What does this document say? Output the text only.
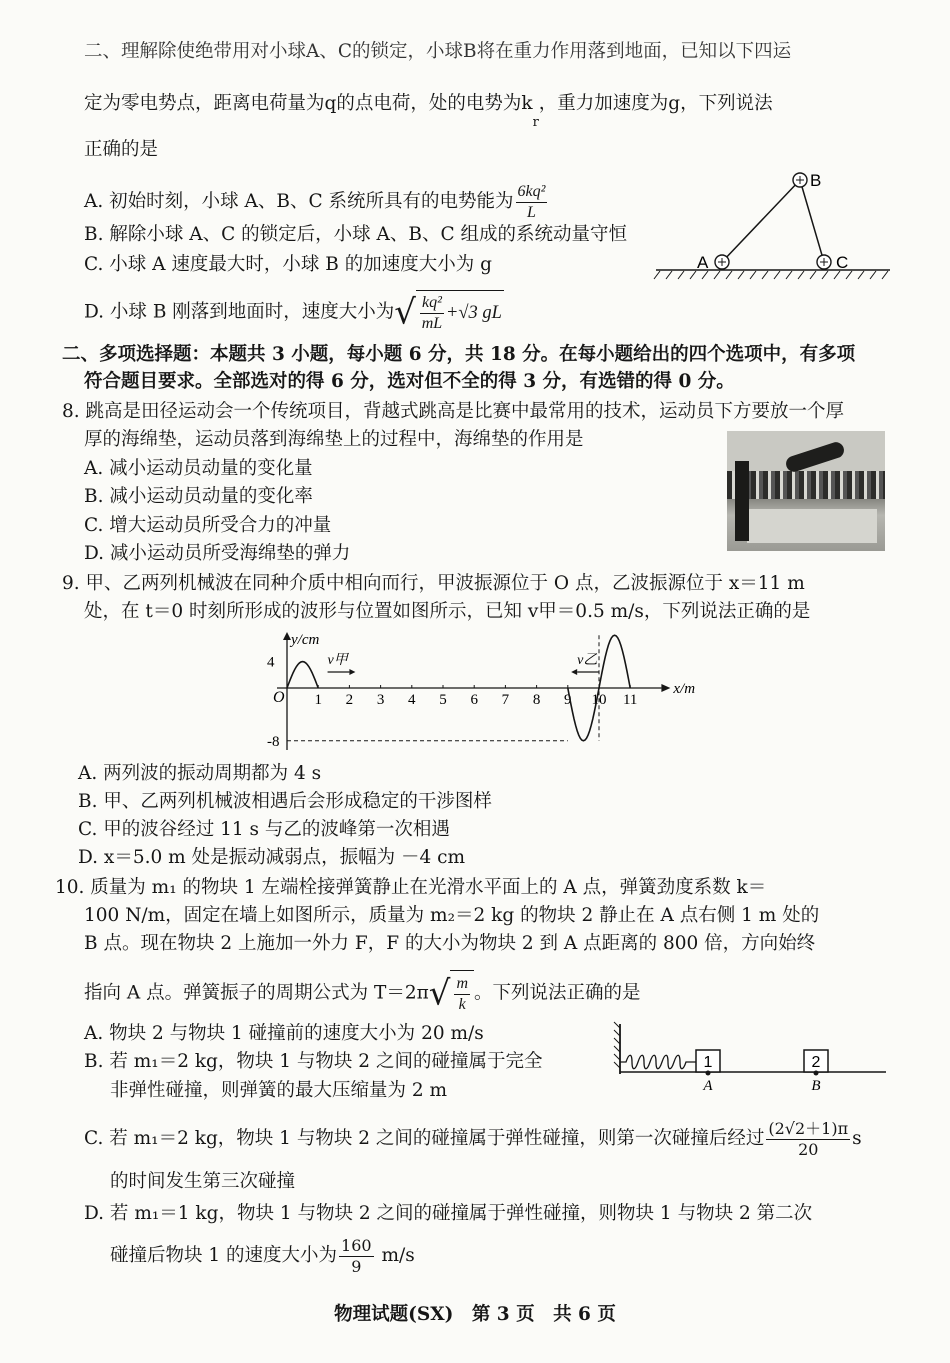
二、理解除使绝带用对小球A、C的锁定，小球B将在重力作用落到地面，已知以下四运
定为零电势点，距离电荷量为q的点电荷，处的电势为$k_r$，重力加速度为g，下列说法
正确的是
A. 初始时刻，小球 A、B、C 系统所具有的电势能为 $\frac{\text{6kq²}}{L}$
B. 解除小球 A、C 的锁定后，小球 A、B、C 组成的系统动量守恒
C. 小球 A 速度最大时，小球 B 的加速度大小为 g
D. 小球 B 刚落到地面时，速度大小为√ $\frac{\text{kq²}}{mL} +√3$ gL
B
A	C
二、多项选择题：本题共 3 小题，每小题 6 分，共 18 分。在每小题给出的四个选项中，有多项
符合题目要求。全部选对的得 6 分，选对但不全的得 3 分，有选错的得 0 分。
8. 跳高是田径运动会一个传统项目，背越式跳高是比赛中最常用的技术，运动员下方要放一个厚
厚的海绵垫，运动员落到海绵垫上的过程中，海绵垫的作用是
A. 减小运动员动量的变化量
B. 减小运动员动量的变化率
C. 增大运动员所受合力的冲量
D. 减小运动员所受海绵垫的弹力
9. 甲、乙两列机械波在同种介质中相向而行，甲波振源位于 O 点，乙波振源位于 x＝11 m
处，在 t＝0 时刻所形成的波形与位置如图所示，已知 v甲＝0.5 m/s，下列说法正确的是
y/cm
x/m
O
4
-8
1 2 3 4 5 6 7 8 9 10 11
v甲	v乙
A. 两列波的振动周期都为 4 s
B. 甲、乙两列机械波相遇后会形成稳定的干涉图样
C. 甲的波谷经过 11 s 与乙的波峰第一次相遇
D. x＝5.0 m 处是振动减弱点，振幅为 －4 cm
10. 质量为 m₁ 的物块 1 左端栓接弹簧静止在光滑水平面上的 A 点，弹簧劲度系数 k＝
100 N/m，固定在墙上如图所示，质量为 m₂＝2 kg 的物块 2 静止在 A 点右侧 1 m 处的
B 点。现在物块 2 上施加一外力 F，F 的大小为物块 2 到 A 点距离的 800 倍，方向始终
指向 A 点。弹簧振子的周期公式为 $T=2\pi√ \frac{m}{k}$ 。下列说法正确的是
A. 物块 2 与物块 1 碰撞前的速度大小为 20 m/s
B. 若 m₁＝2 kg，物块 1 与物块 2 之间的碰撞属于完全
非弹性碰撞，则弹簧的最大压缩量为 2 m
1	2
A	B
C. 若 m₁＝2 kg，物块 1 与物块 2 之间的碰撞属于弹性碰撞，则第一次碰撞后经过 $\frac{(2√2+1)\pi}{20}$ s
的时间发生第三次碰撞
D. 若 m₁＝1 kg，物块 1 与物块 2 之间的碰撞属于弹性碰撞，则物块 1 与物块 2 第二次
碰撞后物块 1 的速度大小为 $\frac{160}{9} m/s$
物理试题(SX)　第 3 页　共 6 页
